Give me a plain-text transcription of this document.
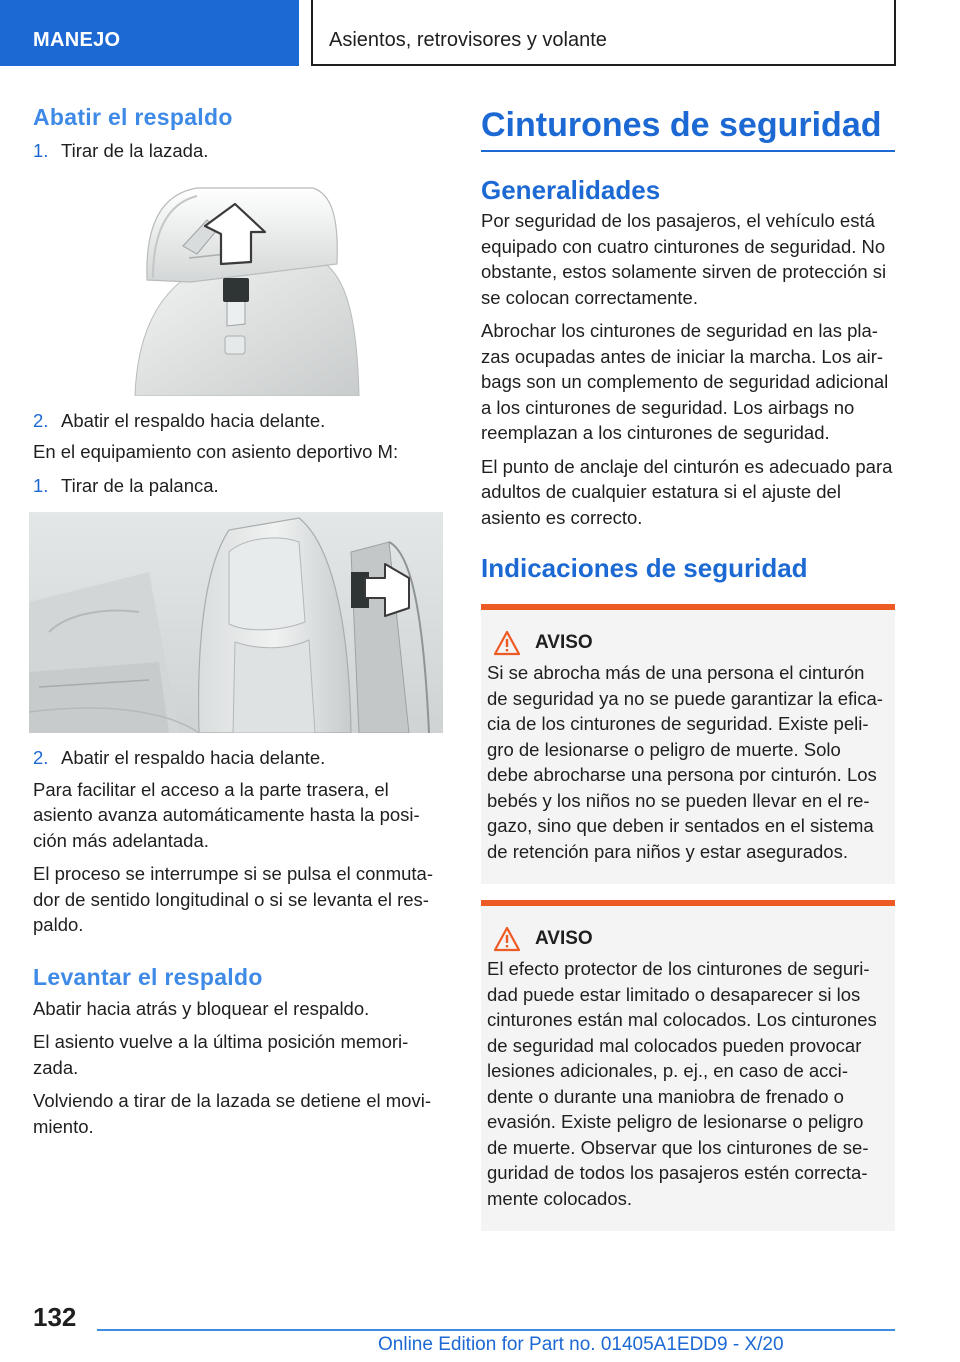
MANEJO	Asientos, retrovisores y volante
Abatir el respaldo
1. Tirar de la lazada.
2. Abatir el respaldo hacia delante.
En el equipamiento con asiento deportivo M:
1. Tirar de la palanca.
2. Abatir el respaldo hacia delante.
Para facilitar el acceso a la parte trasera, el asiento avanza automáticamente hasta la posición más adelantada.
El proceso se interrumpe si se pulsa el conmutador de sentido longitudinal o si se levanta el respaldo.
Levantar el respaldo
Abatir hacia atrás y bloquear el respaldo.
El asiento vuelve a la última posición memorizada.
Volviendo a tirar de la lazada se detiene el movimiento.
Cinturones de seguridad
Generalidades
Por seguridad de los pasajeros, el vehículo está equipado con cuatro cinturones de seguridad. No obstante, estos solamente sirven de protección si se colocan correctamente.
Abrochar los cinturones de seguridad en las plazas ocupadas antes de iniciar la marcha. Los airbags son un complemento de seguridad adicional a los cinturones de seguridad. Los airbags no reemplazan a los cinturones de seguridad.
El punto de anclaje del cinturón es adecuado para adultos de cualquier estatura si el ajuste del asiento es correcto.
Indicaciones de seguridad
AVISO
Si se abrocha más de una persona el cinturón de seguridad ya no se puede garantizar la eficacia de los cinturones de seguridad. Existe peligro de lesionarse o peligro de muerte. Solo debe abrocharse una persona por cinturón. Los bebés y los niños no se pueden llevar en el regazo, sino que deben ir sentados en el sistema de retención para niños y estar asegurados.
AVISO
El efecto protector de los cinturones de seguridad puede estar limitado o desaparecer si los cinturones están mal colocados. Los cinturones de seguridad mal colocados pueden provocar lesiones adicionales, p. ej., en caso de accidente o durante una maniobra de frenado o evasión. Existe peligro de lesionarse o peligro de muerte. Observar que los cinturones de seguridad de todos los pasajeros estén correctamente colocados.
132
Online Edition for Part no. 01405A1EDD9 - X/20
